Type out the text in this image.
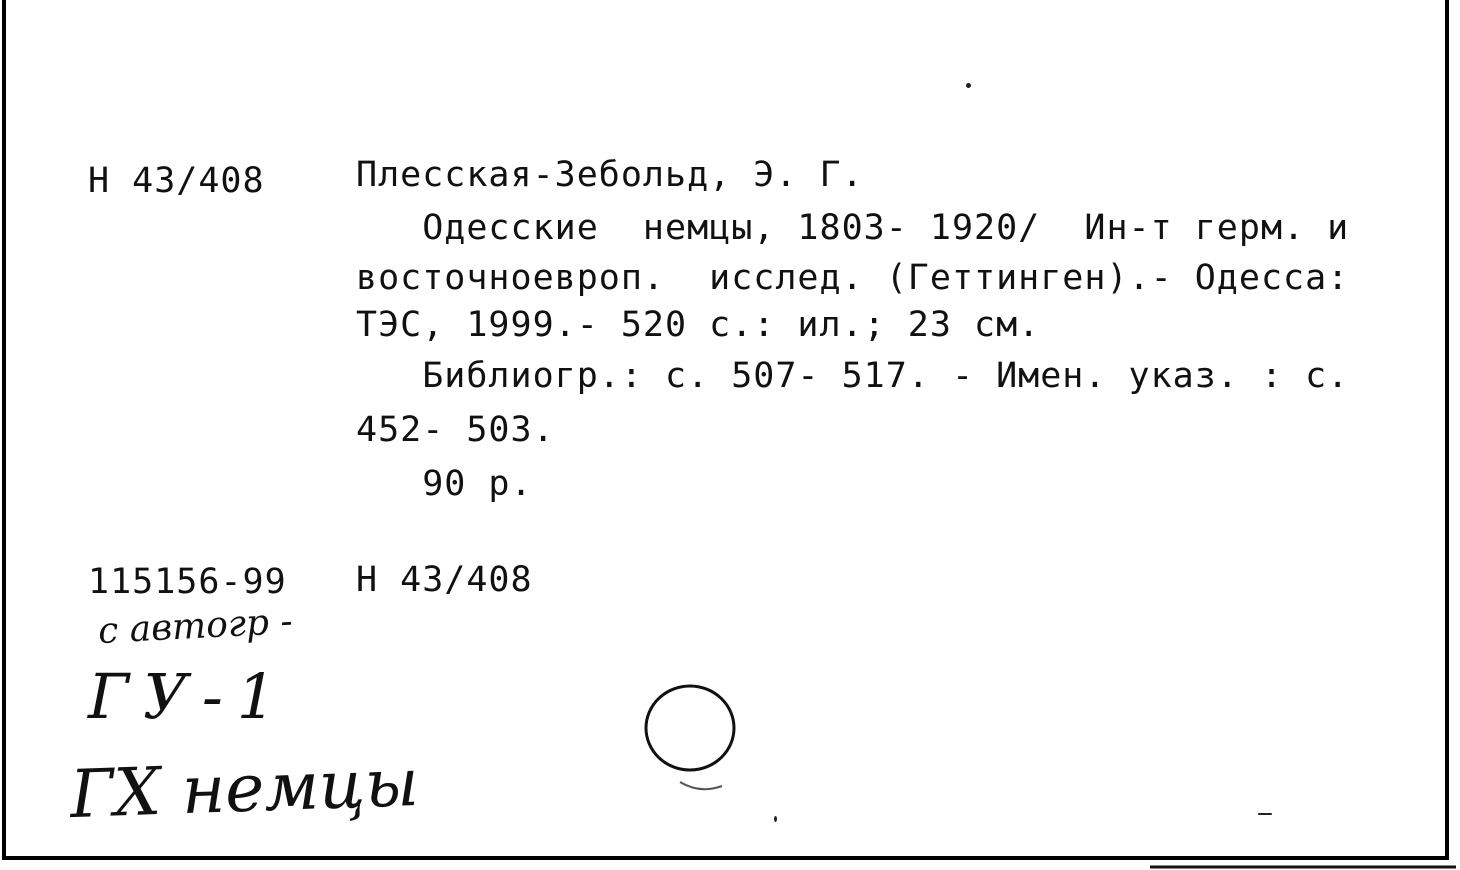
Н 43/408	Плесская-Зебольд, Э. Г.
Одесские  немцы, 1803- 1920/  Ин-т герм. и
восточноевроп.  исслед. (Геттинген).- Одесса:
ТЭС, 1999.- 520 с.: ил.; 23 см.
Библиогр.: с. 507- 517. - Имен. указ. : с.
452- 503.
90 р.
115156-99 Н 43/408
с автогр -
ГУ-1
ГХ немцы
